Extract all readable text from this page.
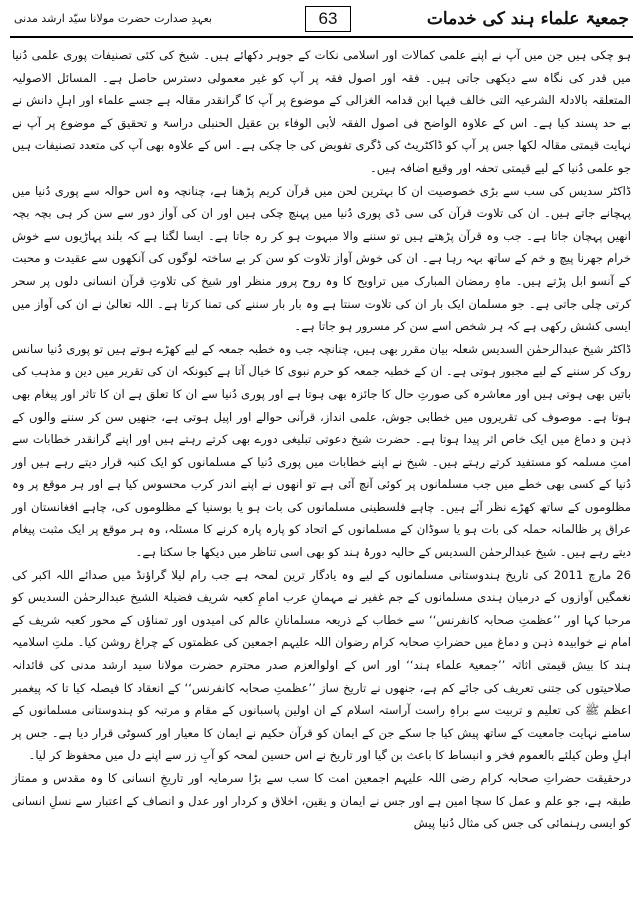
جمعیۃ علماء ہند کی خدمات
63
بعہدِ صدارت حضرت مولانا سیّد ارشد مدنی

ہو چکی ہیں جن میں آپ نے اپنے علمی کمالات اور اسلامی نکات کے جوہر دکھائے ہیں۔ شیخ کی کئی تصنیفات پوری علمی دُنیا میں قدر کی نگاہ سے دیکھی جاتی ہیں۔ فقہ اور اصول فقہ پر آپ کو غیر معمولی دسترس حاصل ہے۔ المسائل الاصولیہ المتعلقہ بالادلۃ الشرعیہ التی خالف فیہا ابن قدامہ الغزالی کے موضوع پر آپ کا گرانقدر مقالہ ہے جسے علماء اور اہلِ دانش نے بے حد پسند کیا ہے۔ اس کے علاوہ الواضح فی اصول الفقہ لأبی الوفاء بن عقیل الحنبلی دراسۃ و تحقیق کے موضوع پر آپ نے نہایت قیمتی مقالہ لکھا جس پر آپ کو ڈاکٹریٹ کی ڈگری تفویض کی جا چکی ہے۔ اس کے علاوہ بھی آپ کی متعدد تصنیفات ہیں جو علمی دُنیا کے لیے قیمتی تحفہ اور وقیع اضافہ ہیں۔

ڈاکٹر سدیس کی سب سے بڑی خصوصیت ان کا بہترین لحن میں قرآن کریم پڑھنا ہے، چنانچہ وہ اس حوالہ سے پوری دُنیا میں پہچانے جاتے ہیں۔ ان کی تلاوت قرآن کی سی ڈی پوری دُنیا میں پہنچ چکی ہیں اور ان کی آواز دور سے سن کر ہی بچہ بچہ انھیں پہچان جاتا ہے۔ جب وہ قرآن پڑھتے ہیں تو سننے والا مبہوت ہو کر رہ جاتا ہے۔ ایسا لگتا ہے کہ بلند پہاڑیوں سے خوش خرام جھرنا پیچ و خم کے ساتھ بہہ رہا ہے۔ ان کی خوش آواز تلاوت کو سن کر بے ساختہ لوگوں کی آنکھوں سے عقیدت و محبت کے آنسو ابل پڑتے ہیں۔ ماہِ رمضان المبارک میں تراویح کا وہ روح پرور منظر اور شیخ کی تلاوتِ قرآن انسانی دلوں پر سحر کرتی چلی جاتی ہے۔ جو مسلمان ایک بار ان کی تلاوت سنتا ہے وہ بار بار سننے کی تمنا کرتا ہے۔ اللہ تعالیٰ نے ان کی آواز میں ایسی کشش رکھی ہے کہ ہر شخص اسے سن کر مسرور ہو جاتا ہے۔

ڈاکٹر شیخ عبدالرحمٰن السدیس شعلہ بیان مقرر بھی ہیں، چنانچہ جب وہ خطبہ جمعہ کے لیے کھڑے ہوتے ہیں تو پوری دُنیا سانس روک کر سننے کے لیے مجبور ہوتی ہے۔ ان کے خطبہ جمعہ کو حرم نبوی کا خیال آتا ہے کیونکہ ان کی تقریر میں دین و مذہب کی باتیں بھی ہوتی ہیں اور معاشرہ کی صورتِ حال کا جائزہ بھی ہوتا ہے اور پوری دُنیا سے ان کا تعلق ہے ان کا تاثر اور پیغام بھی ہوتا ہے۔ موصوف کی تقریروں میں خطابی جوش، علمی انداز، قرآنی حوالے اور اپیل ہوتی ہے، جنھیں سن کر سننے والوں کے ذہن و دماغ میں ایک خاص اثر پیدا ہوتا ہے۔ حضرت شیخ دعوتی تبلیغی دورے بھی کرتے رہتے ہیں اور اپنے گرانقدر خطابات سے امتِ مسلمہ کو مستفید کرتے رہتے ہیں۔ شیخ نے اپنے خطابات میں پوری دُنیا کے مسلمانوں کو ایک کنبہ قرار دیتے رہے ہیں اور دُنیا کے کسی بھی خطے میں جب مسلمانوں پر کوئی آنچ آئی ہے تو انھوں نے اپنے اندر کرب محسوس کیا ہے اور ہر موقع پر وہ مظلوموں کے ساتھ کھڑے نظر آئے ہیں۔ چاہے فلسطینی مسلمانوں کی بات ہو یا بوسنیا کے مظلوموں کی، چاہے افغانستان اور عراق پر ظالمانہ حملہ کی بات ہو یا سوڈان کے مسلمانوں کے اتحاد کو پارہ پارہ کرنے کا مسئلہ، وہ ہر موقع پر ایک مثبت پیغام دیتے رہے ہیں۔ شیخ عبدالرحمٰن السدیس کے حالیہ دورۂ ہند کو بھی اسی تناظر میں دیکھا جا سکتا ہے۔

26 مارچ 2011 کی تاریخ ہندوستانی مسلمانوں کے لیے وہ یادگار ترین لمحہ ہے جب رام لیلا گراؤنڈ میں صدائے اللہ اکبر کی نغمگیں آوازوں کے درمیان ہندی مسلمانوں کے جم غفیر نے مہمانِ عرب امامِ کعبہ شریف فضیلۃ الشیخ عبدالرحمٰن السدیس کو مرحبا کہا اور ’’عظمتِ صحابہ کانفرنس‘‘ سے خطاب کے ذریعہ مسلمانانِ عالم کی امیدوں اور تمناؤں کے محور کعبہ شریف کے امام نے خوابیدہ ذہن و دماغ میں حضراتِ صحابہ کرام رضوان اللہ علیہم اجمعین کی عظمتوں کے چراغ روشن کیا۔ ملتِ اسلامیہ ہند کا بیش قیمتی اثاثہ ’’جمعیۃ علماء ہند‘‘ اور اس کے اولوالعزم صدر محترم حضرت مولانا سید ارشد مدنی کی قائدانہ صلاحیتوں کی جتنی تعریف کی جائے کم ہے، جنھوں نے تاریخ ساز ’’عظمتِ صحابہ کانفرنس‘‘ کے انعقاد کا فیصلہ کیا تا کہ پیغمبر اعظم ﷺ کی تعلیم و تربیت سے براہِ راست آراستہ اسلام کے ان اولین پاسبانوں کے مقام و مرتبہ کو ہندوستانی مسلمانوں کے سامنے نہایت جامعیت کے ساتھ پیش کیا جا سکے جن کے ایمان کو قرآن حکیم نے ایمان کا معیار اور کسوٹی قرار دیا ہے۔ جس پر اہلِ وطن کیلئے بالعموم فخر و انبساط کا باعث بن گیا اور تاریخ نے اس حسین لمحہ کو آبِ زر سے اپنے دل میں محفوظ کر لیا۔

درحقیقت حضراتِ صحابہ کرام رضی اللہ علیہم اجمعین امت کا سب سے بڑا سرمایہ اور تاریخِ انسانی کا وہ مقدس و ممتاز طبقہ ہے، جو علم و عمل کا سچا امین ہے اور جس نے ایمان و یقین، اخلاق و کردار اور عدل و انصاف کے اعتبار سے نسلِ انسانی کو ایسی رہنمائی کی جس کی مثال دُنیا پیش
